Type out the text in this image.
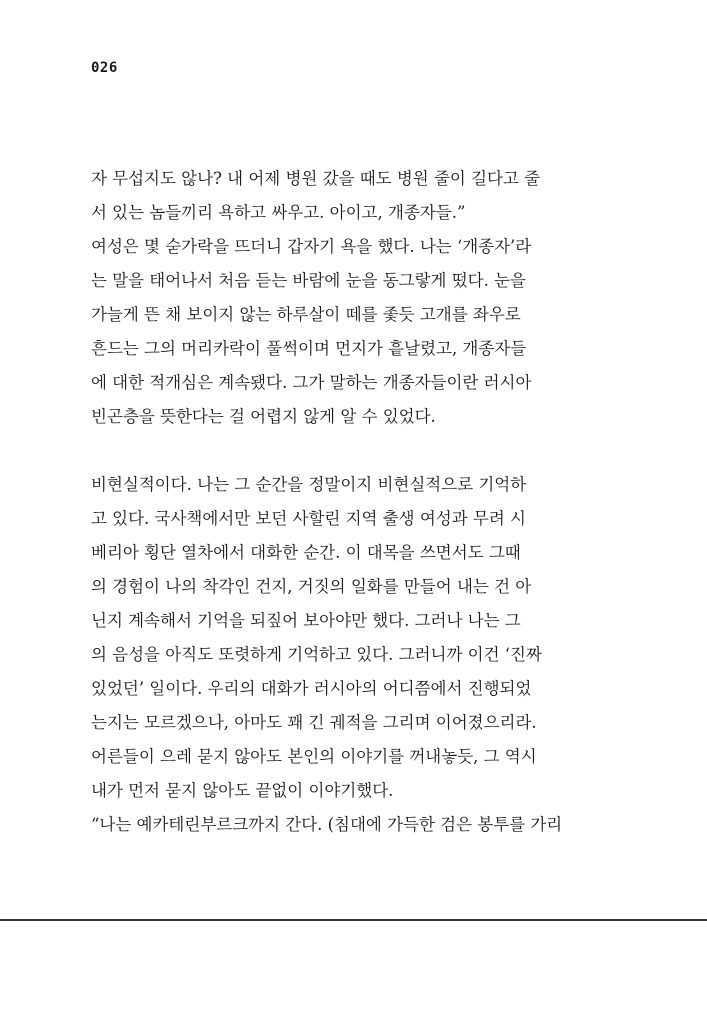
026
자 무섭지도 않나? 내 어제 병원 갔을 때도 병원 줄이 길다고 줄
서 있는 놈들끼리 욕하고 싸우고. 아이고, 개종자들.”
여성은 몇 숟가락을 뜨더니 갑자기 욕을 했다. 나는 ‘개종자’라
는 말을 태어나서 처음 듣는 바람에 눈을 동그랗게 떴다. 눈을
가늘게 뜬 채 보이지 않는 하루살이 떼를 좇듯 고개를 좌우로
흔드는 그의 머리카락이 풀썩이며 먼지가 흩날렸고, 개종자들
에 대한 적개심은 계속됐다. 그가 말하는 개종자들이란 러시아
빈곤층을 뜻한다는 걸 어렵지 않게 알 수 있었다.
비현실적이다. 나는 그 순간을 정말이지 비현실적으로 기억하
고 있다. 국사책에서만 보던 사할린 지역 출생 여성과 무려 시
베리아 횡단 열차에서 대화한 순간. 이 대목을 쓰면서도 그때
의 경험이 나의 착각인 건지, 거짓의 일화를 만들어 내는 건 아
닌지 계속해서 기억을 되짚어 보아야만 했다. 그러나 나는 그
의 음성을 아직도 또렷하게 기억하고 있다. 그러니까 이건 ‘진짜
있었던’ 일이다. 우리의 대화가 러시아의 어디쯤에서 진행되었
는지는 모르겠으나, 아마도 꽤 긴 궤적을 그리며 이어졌으리라.
어른들이 으레 묻지 않아도 본인의 이야기를 꺼내놓듯, 그 역시
내가 먼저 묻지 않아도 끝없이 이야기했다.
“나는 예카테린부르크까지 간다. (침대에 가득한 검은 봉투를 가리
